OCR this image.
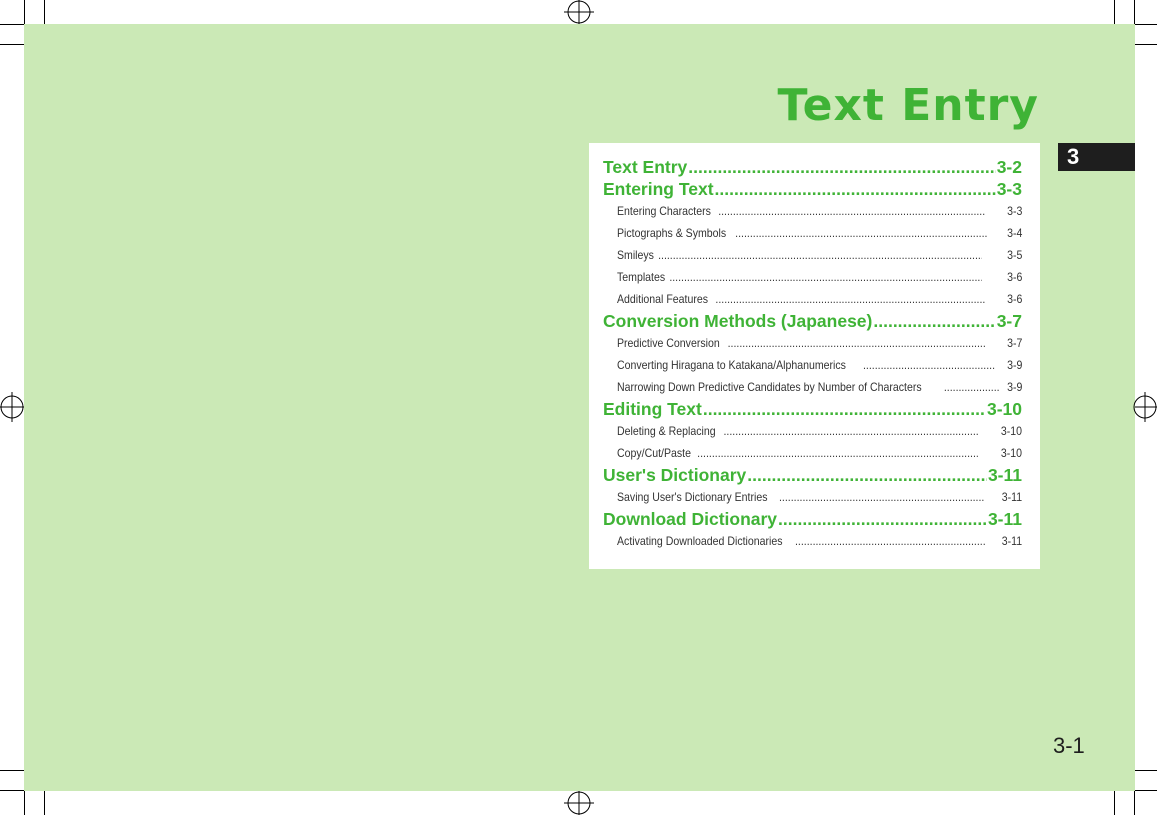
Text Entry
3
Text Entry .....	3-2
Entering Text .....	3-3
Entering Characters .....	3-3
Pictographs & Symbols .....	3-4
Smileys .....	3-5
Templates .....	3-6
Additional Features .....	3-6
Conversion Methods (Japanese) .....	3-7
Predictive Conversion .....	3-7
Converting Hiragana to Katakana/Alphanumerics .....	3-9
Narrowing Down Predictive Candidates by Number of Characters .....	3-9
Editing Text .....	3-10
Deleting & Replacing .....	3-10
Copy/Cut/Paste .....	3-10
User's Dictionary .....	3-11
Saving User's Dictionary Entries .....	3-11
Download Dictionary .....	3-11
Activating Downloaded Dictionaries .....	3-11

3-1
